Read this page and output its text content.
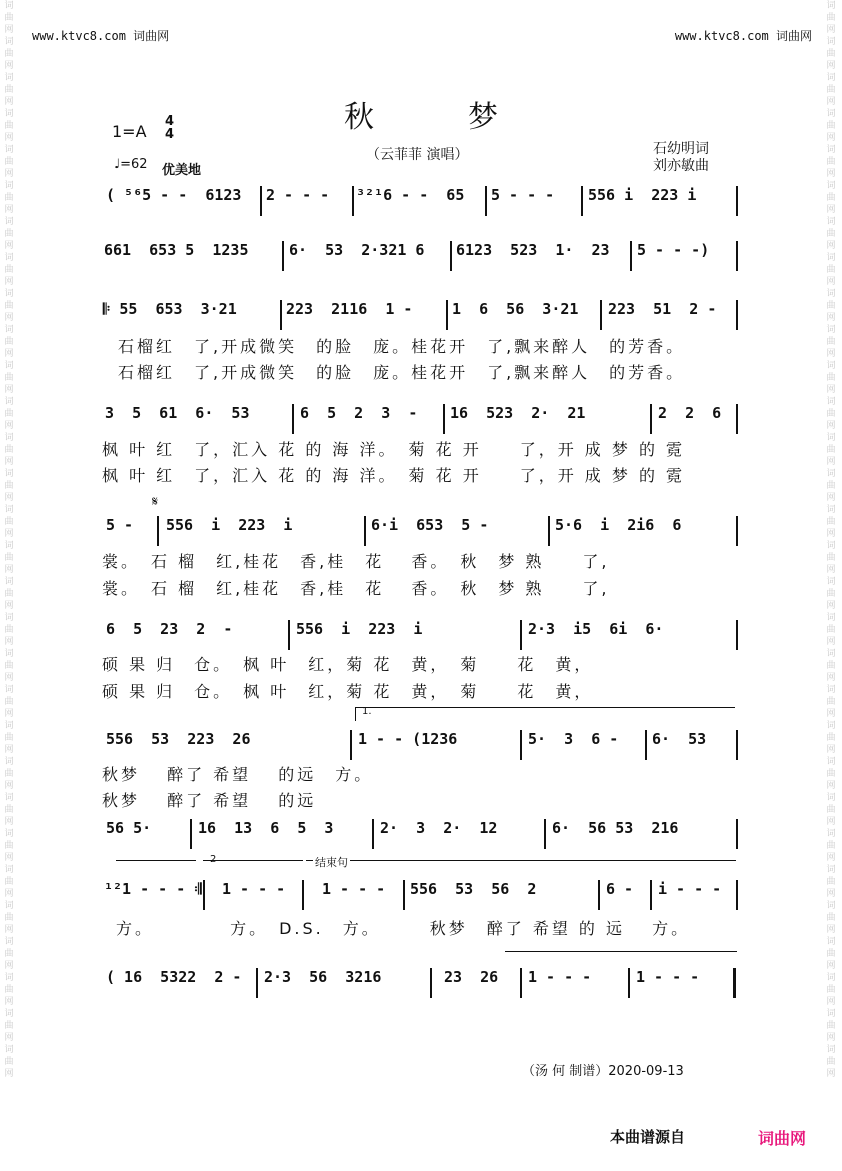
词曲网词曲网词曲网词曲网词曲网词曲网词曲网词曲网词曲网词曲网词曲网词曲网词曲网词曲网词曲网词曲网词曲网词曲网词曲网词曲网词曲网词曲网词曲网词曲网词曲网词曲网词曲网词曲网词曲网词曲网
词曲网词曲网词曲网词曲网词曲网词曲网词曲网词曲网词曲网词曲网词曲网词曲网词曲网词曲网词曲网词曲网词曲网词曲网词曲网词曲网词曲网词曲网词曲网词曲网词曲网词曲网词曲网词曲网词曲网词曲网
www.ktvc8.com 词曲网	www.ktvc8.com 词曲网
秋梦
1=A
4
4
♩=62 优美地
（云菲菲 演唱）	石幼明词
刘亦敏曲
( ⁵⁶5 - -  6123 2 - - - ³²¹6 - -  65 5 - - - 556 i  223 i
661  653 5  1235	6·  53  2·321 6 6123  523  1·  23 5 - - -)
𝄆 55  653  3·21	223  2116  1 -	1  6  56  3·21 223  51  2 -
石榴红　了,开成微笑　的脸　庞。桂花开　了,飘来醉人　的芳香。
石榴红　了,开成微笑　的脸　庞。桂花开　了,飘来醉人　的芳香。
3  5  61  6·  53	6  5  2  3  - 16  523  2·  21	2  2  6
枫 叶 红　了，汇入 花 的 海 洋。　菊 花 开　　了，开 成 梦 的 霓
枫 叶 红　了，汇入 花 的 海 洋。　菊 花 开　　了，开 成 梦 的 霓
𝄋
5 - 556  i  223  i	6·i  653  5 -	5·6  i  2i6  6
裳。　石 榴　红,桂花　香,桂　花　 香。　秋　梦 熟　　了,
裳。　石 榴　红,桂花　香,桂　花　 香。　秋　梦 熟　　了,
6  5  23  2  -	556  i  223  i	2·3  i5  6i  6·
硕 果 归　仓。　枫 叶　红，菊 花　黄，　菊　　花　黄，
硕 果 归　仓。　枫 叶　红，菊 花　黄，　菊　　花　黄，
1.
556  53  223  26	1 - - (1236	5·  3  6 - 6·  53
秋梦　 醉了 希望　 的远　方。
秋梦　 醉了 希望　 的远
56 5·	16  13  6  5  3	2·  3  2·  12	6·  56 53  216
2	结束句
¹²1 - - - 𝄇 1 - - - 1 - - - 556  53  56  2	6 - i - - -
方。　　　　 方。　D.S.　方。　　　秋梦　醉了 希望 的 远　 方。
( 16  5322  2 - 2·3  56  3216	23  26 1 - - -	1 - - -
（汤 何 制谱）2020-09-13
本曲谱源自	词曲网
